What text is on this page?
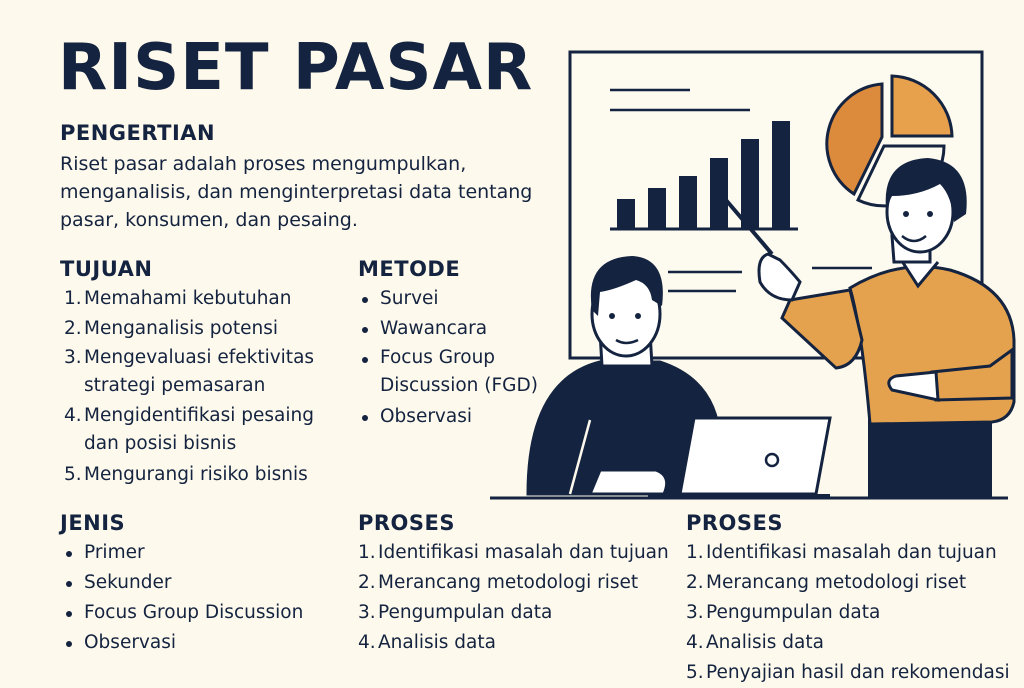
RISET PASAR
PENGERTIAN

Riset pasar adalah proses mengumpulkan,
menganalisis, dan menginterpretasi data tentang
pasar, konsumen, dan pesaing.

TUJUAN
1. Memahami kebutuhan
2. Menganalisis potensi
3. Mengevaluasi efektivitas
strategi pemasaran
4. Mengidentifikasi pesaing
dan posisi bisnis
5. Mengurangi risiko bisnis
METODE
Survei
Wawancara
Focus Group
Discussion (FGD)
Observasi
JENIS
Primer
Sekunder
Focus Group Discussion
Observasi
PROSES
1. Identifikasi masalah dan tujuan
2. Merancang metodologi riset
3. Pengumpulan data
4. Analisis data
PROSES
1. Identifikasi masalah dan tujuan
2. Merancang metodologi riset
3. Pengumpulan data
4. Analisis data
5. Penyajian hasil dan rekomendasi
